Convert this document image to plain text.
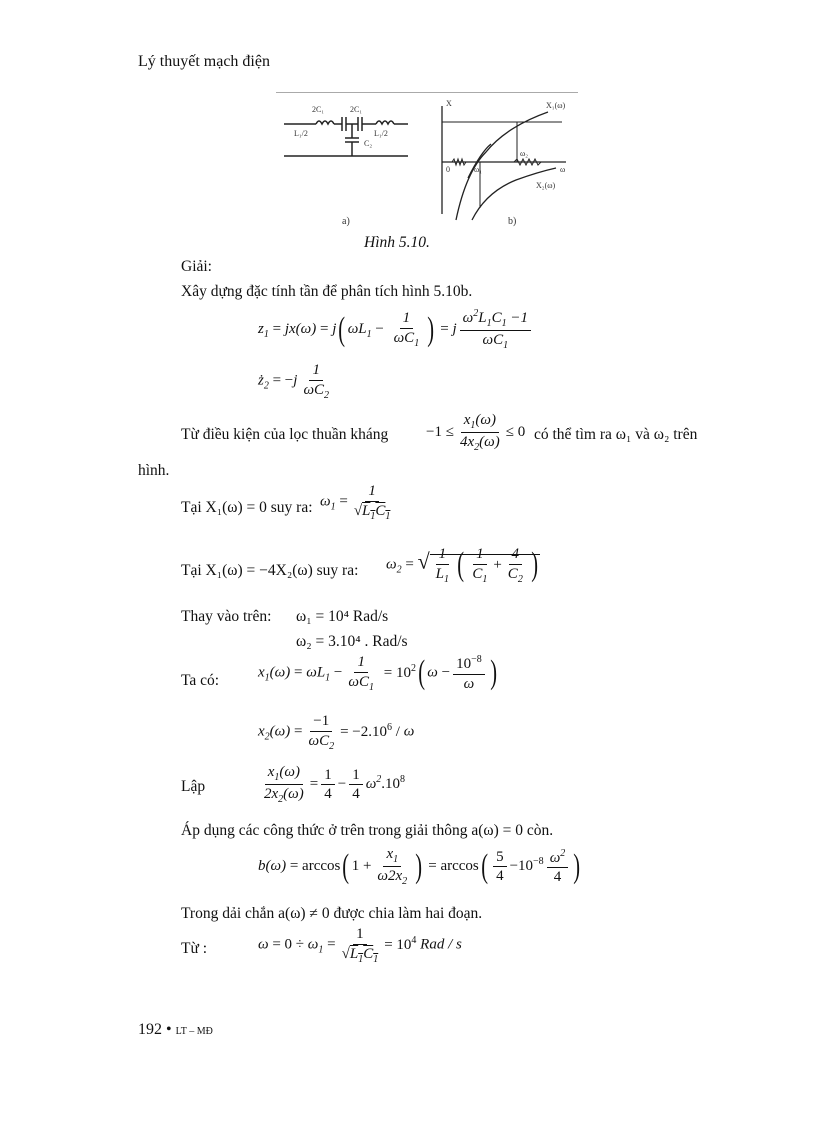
Lý thuyết mạch điện
2C₁	2C₁
L₁/2	L₁/2
C₂
X	X₁(ω)
ω
ω₁
ω₂
X₂(ω)
0
a)	b)
Hình 5.10.
Giải:
Xây dựng đặc tính tần để phân tích hình 5.10b.
$z_1 = jx(\omega) = j$( $\omega L_1 - \frac{1}{\omega C_1}$ ) = j $\frac{\omega^2L_1C_1 -1}{\omega C_1}$
$ż_2 = -j \frac{1}{\omega C_2}$
Từ điều kiện của lọc thuần kháng	$-1 \le \frac{x_1(\omega)}{4x_2(\omega)} \le 0$ có thể tìm ra ω₁ và ω₂ trên
hình.
Tại X₁(ω) = 0 suy ra: $\omega_1 = \frac{1}{√L_1C_1}$
Tại X₁(ω) = −4X₂(ω) suy ra: $\omega_2$ = √ $\frac{1}{L_1}$ ( $\frac{1}{C_1} + \frac{4}{C_2}$ )
Thay vào trên: ω₁ = 10⁴ Rad/s
ω₂ = 3.10⁴ . Rad/s
Ta có:	$x_1(\omega) = \omega L_1 - \frac{1}{\omega C_1} = 10^2$( $\omega - \frac{10^{-8}}{\omega}$ )
$x_2(\omega) = \frac{-1}{\omega C_2} = -2.10^6 / \omega$
Lập	$\frac{x_1(\omega)}{2x_2(\omega)} = \frac{1}{4} - \frac{1}{4} \omega^2.10^8$
Áp dụng các công thức ở trên trong giải thông a(ω) = 0 còn.
b(ω) = arccos( $1 + \frac{x_1}{\omega 2x_2}$ ) = $\arccos( \frac{5}{4} -10^{-8} \frac{\omega^2}{4}$ )
Trong dải chắn a(ω) ≠ 0 được chia làm hai đoạn.
Từ :	$\omega = 0 \div \omega_1 = \frac{1}{√L_1C_1} = 10^4$ Rad / s
192 • LT – MĐ
